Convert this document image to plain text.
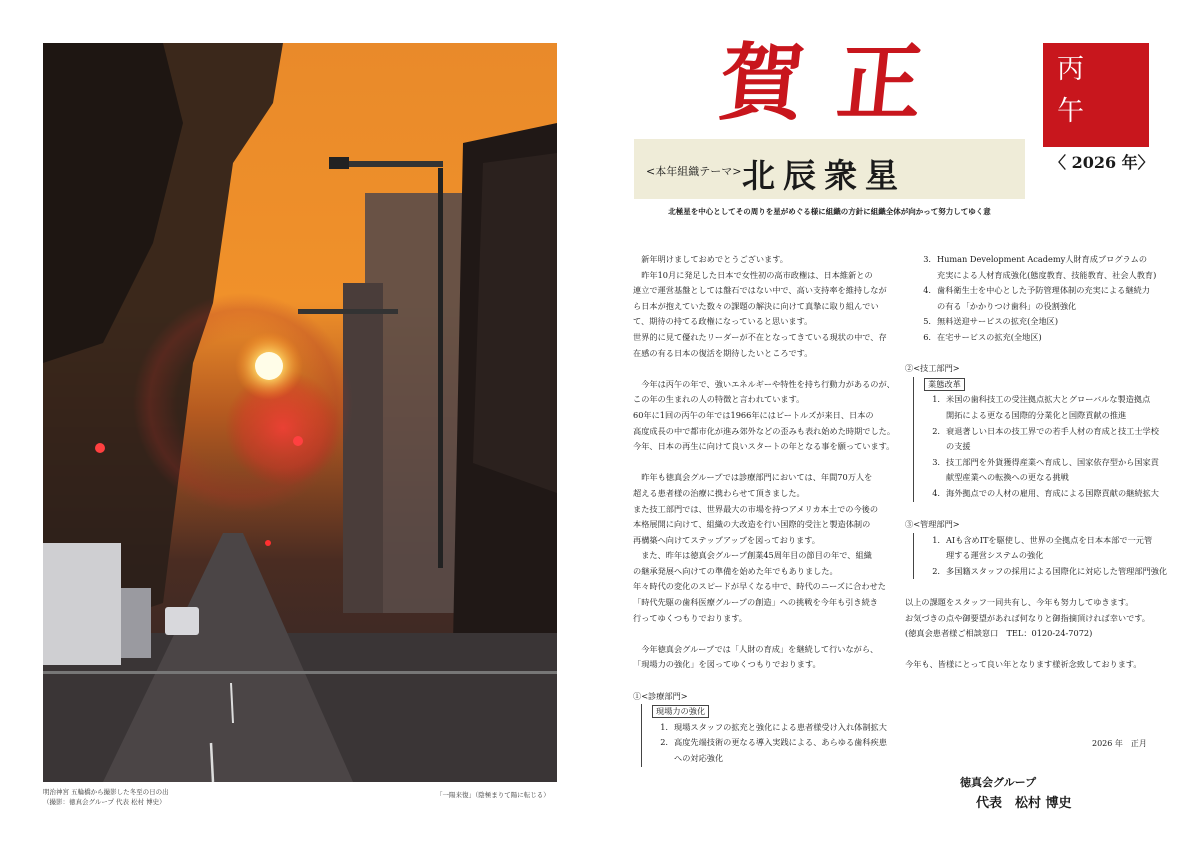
明治神宮 五輪橋から撮影した冬至の日の出
（撮影：徳真会グループ 代表 松村 博史）
「一陽来復」（陰極まりて陽に転じる）
賀正	丙
午
〈 2026 年〉
<本年組織テーマ> 北辰衆星
北極星を中心としてその周りを星がめぐる様に組織の方針に組織全体が向かって努力してゆく意

　新年明けましておめでとうございます。

　昨年10月に発足した日本で女性初の高市政権は、日本維新との

連立で運営基盤としては盤石ではない中で、高い支持率を維持しなが

ら日本が抱えていた数々の課題の解決に向けて真摯に取り組んでい

て、期待の持てる政権になっていると思います。

世界的に見て優れたリーダーが不在となってきている現状の中で、存

在感の有る日本の復活を期待したいところです。

　今年は丙午の年で、強いエネルギーや特性を持ち行動力があるのが、

この年の生まれの人の特徴と言われています。

60年に1回の丙午の年では1966年にはビートルズが来日、日本の

高度成長の中で都市化が進み郊外などの歪みも表れ始めた時期でした。

今年、日本の再生に向けて良いスタートの年となる事を願っています。

　昨年も徳真会グループでは診療部門においては、年間70万人を

超える患者様の治療に携わらせて頂きました。

また技工部門では、世界最大の市場を持つアメリカ本土での今後の

本格展開に向けて、組織の大改造を行い国際的受注と製造体制の

再構築へ向けてステップアップを図っております。

　また、昨年は徳真会グループ創業45周年目の節目の年で、組織

の継承発展へ向けての準備を始めた年でもありました。

年々時代の変化のスピードが早くなる中で、時代のニーズに合わせた

「時代先駆の歯科医療グループの創造」への挑戦を今年も引き続き

行ってゆくつもりでおります。

　今年徳真会グループでは「人財の育成」を継続して行いながら、

「現場力の強化」を図ってゆくつもりでおります。

①<診療部門>

現場力の強化

1. 現場スタッフの拡充と強化による患者様受け入れ体制拡大
2. 高度先端技術の更なる導入実践による、あらゆる歯科疾患
への対応強化
3. Human Development Academy人財育成プログラムの
充実による人材育成強化(態度教育、技能教育、社会人教育)
4. 歯科衛生士を中心とした予防管理体制の充実による継続力
の有る「かかりつけ歯科」の役割強化
5. 無料送迎サービスの拡充(全地区)
6. 在宅サービスの拡充(全地区)

②<技工部門>

業態改革

1. 米国の歯科技工の受注拠点拡大とグローバルな製造拠点
開拓による更なる国際的分業化と国際貢献の推進
2. 衰退著しい日本の技工界での若手人材の育成と技工士学校
の支援
3. 技工部門を外貨獲得産業へ育成し、国家依存型から国家貢
献型産業への転換への更なる挑戦
4. 海外拠点での人材の雇用、育成による国際貢献の継続拡大

③<管理部門>

1. AIも含めITを駆使し、世界の全拠点を日本本部で一元管
理する運営システムの強化
2. 多国籍スタッフの採用による国際化に対応した管理部門強化

以上の課題をスタッフ一同共有し、今年も努力してゆきます。

お気づきの点や御要望があれば何なりと御指摘頂ければ幸いです。

(徳真会患者様ご相談窓口　TEL：0120-24-7072)

今年も、皆様にとって良い年となります様祈念致しております。

2026 年　正月
徳真会グループ
代表　松村 博史
